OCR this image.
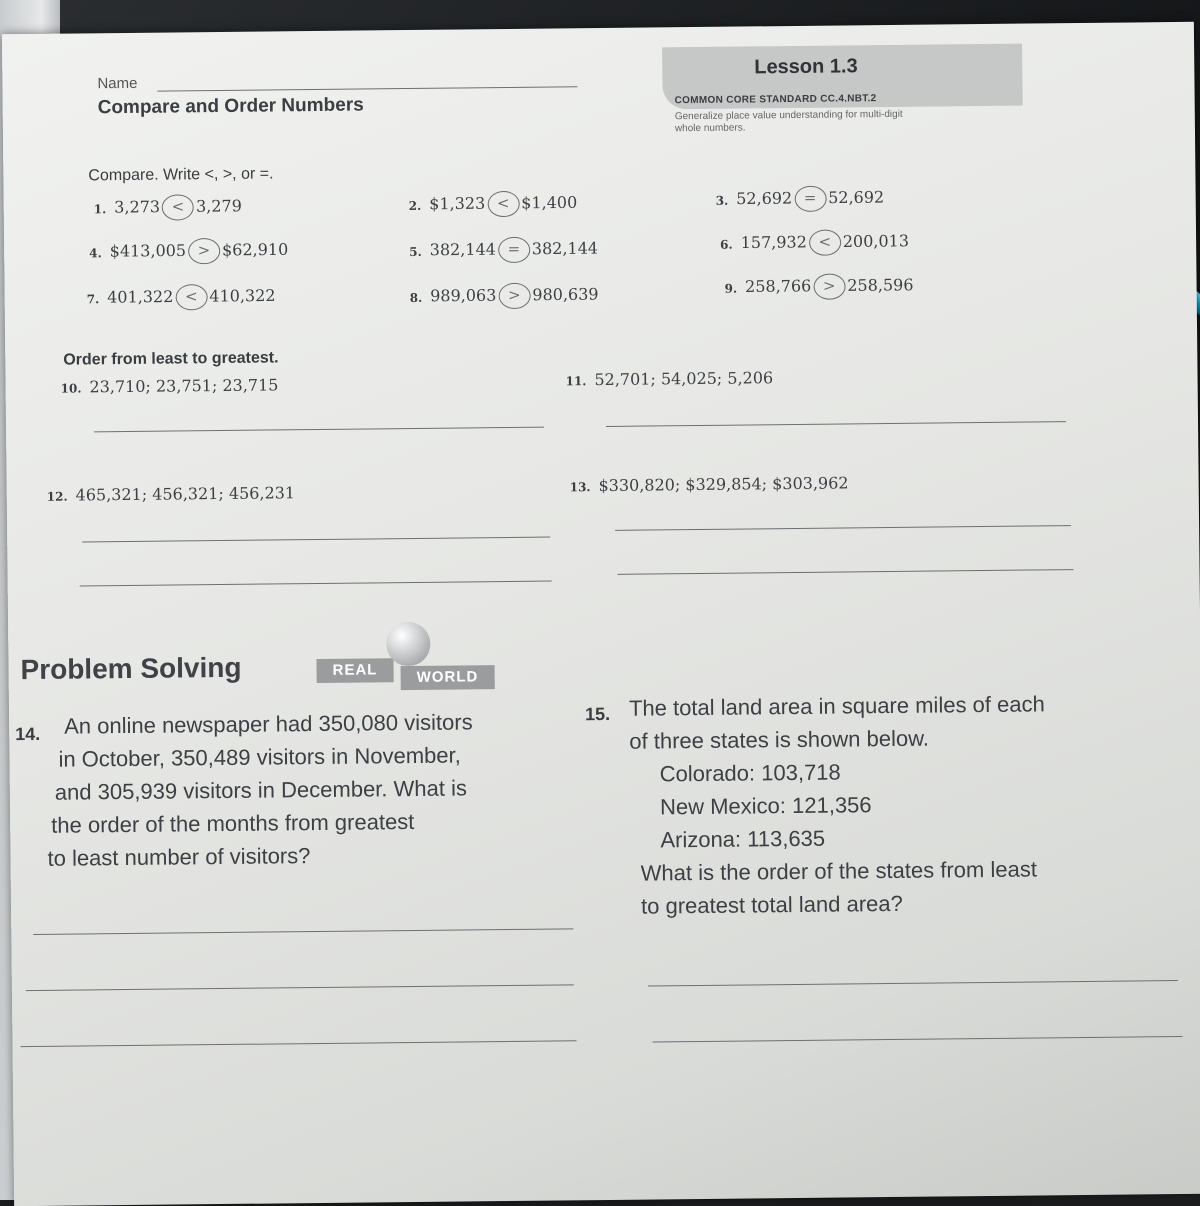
Name
Compare and Order Numbers
Lesson 1.3
COMMON CORE STANDARD CC.4.NBT.2
Generalize place value understanding for multi-digit whole numbers.
Compare. Write <, >, or =.
1. 3,273 < 3,279	2. $1,323 < $1,400	3. 52,692 = 52,692
4. $413,005 > $62,910	5. 382,144 = 382,144	6. 157,932 < 200,013
7. 401,322 < 410,322	8. 989,063 > 980,639	9. 258,766 > 258,596
Order from least to greatest.
10. 23,710; 23,751; 23,715	11. 52,701; 54,025; 5,206
12. 465,321; 456,321; 456,231	13. $330,820; $329,854; $303,962
Problem Solving	REAL	WORLD
14. An online newspaper had 350,080 visitors
in October, 350,489 visitors in November,
and 305,939 visitors in December. What is
the order of the months from greatest
to least number of visitors?
15. The total land area in square miles of each
of three states is shown below.
Colorado: 103,718
New Mexico: 121,356
Arizona: 113,635
What is the order of the states from least
to greatest total land area?
